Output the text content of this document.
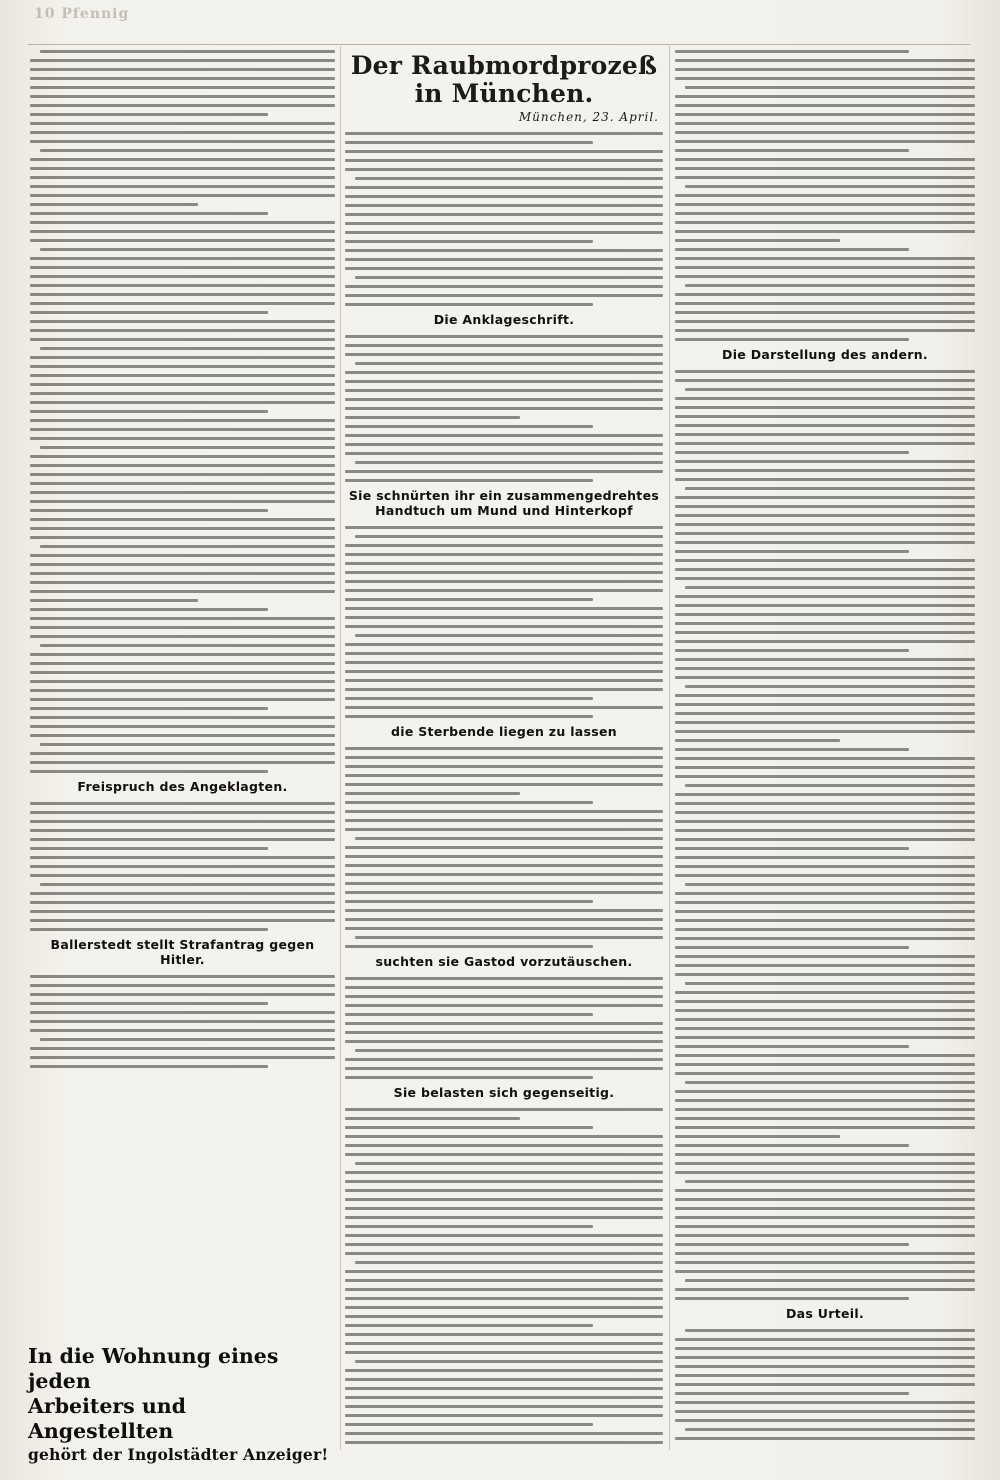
10 Pfennig
Freispruch des Angeklagten.
Ballerstedt stellt Strafantrag gegen Hitler.
Der Raubmordprozeß in München.
München, 23. April.
Die Anklageschrift.
Sie schnürten ihr ein zusammengedrehtes Handtuch um Mund und Hinterkopf
die Sterbende liegen zu lassen
suchten sie Gastod vorzutäuschen.
Sie belasten sich gegenseitig.
Die Darstellung des andern.
Das Urteil.
In die Wohnung eines jeden
Arbeiters und Angestellten
gehört der Ingolstädter Anzeiger!
